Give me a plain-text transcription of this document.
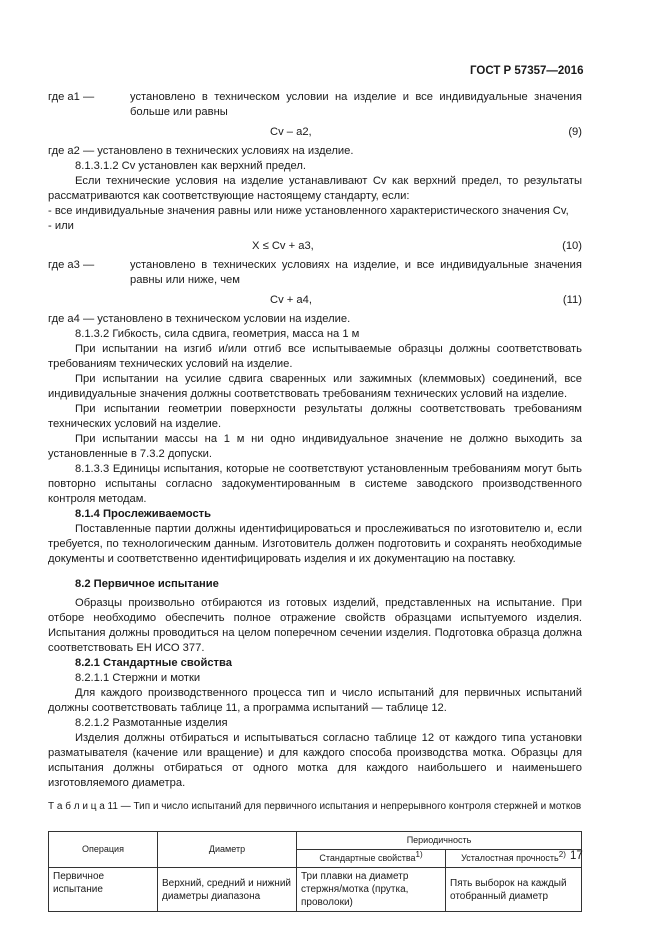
ГОСТ Р 57357—2016
где a1 —	установлено в техническом условии на изделие и все индивидуальные значения больше или равны
Cv – a2,	(9)

где a2 — установлено в технических условиях на изделие.

8.1.3.1.2 Cv установлен как верхний предел.

Если технические условия на изделие устанавливают Cv как верхний предел, то результаты рассматриваются как соответствующие настоящему стандарту, если:

- все индивидуальные значения равны или ниже установленного характеристического значения Cv,

- или

X ≤ Cv + a3,	(10)
где a3 —	установлено в технических условиях на изделие, и все индивидуальные значения равны или ниже, чем
Cv + a4,	(11)

где a4 — установлено в техническом условии на изделие.

8.1.3.2 Гибкость, сила сдвига, геометрия, масса на 1 м

При испытании на изгиб и/или отгиб все испытываемые образцы должны соответствовать требованиям технических условий на изделие.

При испытании на усилие сдвига сваренных или зажимных (клеммовых) соединений, все индивидуальные значения должны соответствовать требованиям технических условий на изделие.

При испытании геометрии поверхности результаты должны соответствовать требованиям технических условий на изделие.

При испытании массы на 1 м ни одно индивидуальное значение не должно выходить за установленные в 7.3.2 допуски.

8.1.3.3 Единицы испытания, которые не соответствуют установленным требованиям могут быть повторно испытаны согласно задокументированным в системе заводского производственного контроля методам.

8.1.4 Прослеживаемость

Поставленные партии должны идентифицироваться и прослеживаться по изготовителю и, если требуется, по технологическим данным. Изготовитель должен подготовить и сохранять необходимые документы и соответственно идентифицировать изделия и их документацию на поставку.

8.2 Первичное испытание

Образцы произвольно отбираются из готовых изделий, представленных на испытание. При отборе необходимо обеспечить полное отражение свойств образцами испытуемого изделия. Испытания должны проводиться на целом поперечном сечении изделия. Подготовка образца должна соответствовать ЕН ИСО 377.

8.2.1 Стандартные свойства

8.2.1.1 Стержни и мотки

Для каждого производственного процесса тип и число испытаний для первичных испытаний должны соответствовать таблице 11, а программа испытаний — таблице 12.

8.2.1.2 Размотанные изделия

Изделия должны отбираться и испытываться согласно таблице 12 от каждого типа установки разматывателя (качение или вращение) и для каждого способа производства мотка. Образцы для испытания должны отбираться от одного мотка для каждого наибольшего и наименьшего изготовляемого диаметра.

Т а б л и ц а 11 — Тип и число испытаний для первичного испытания и непрерывного контроля стержней и мотков

Операция	Диаметр	Периодичность	
		Стандартные свойства$^{1)}$	Усталостная прочность$^{2)}$
Первичное испытание	Верхний, средний и нижний диаметры диапазона	Три плавки на диаметр стержня/мотка (прутка, проволоки)	Пять выборок на каждый отобранный диаметр
17
